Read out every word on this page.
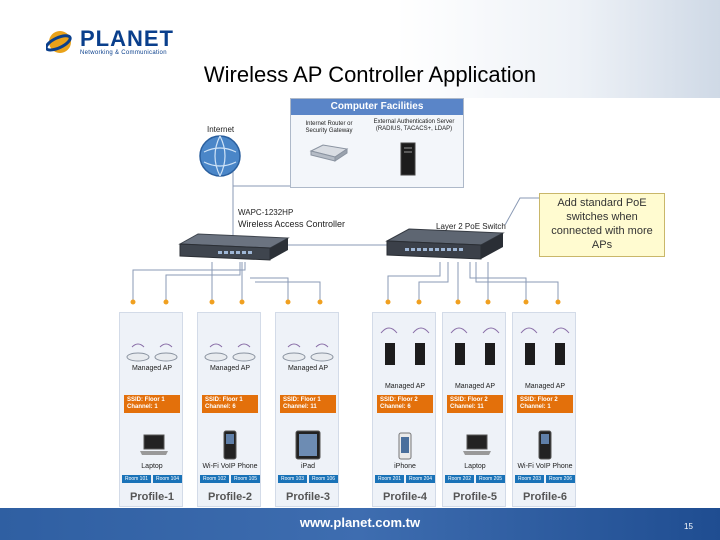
PLANET
Networking & Communication
Wireless AP Controller Application
Internet
Computer Facilities
Internet Router or Security Gateway
External Authentication Server (RADIUS, TACACS+, LDAP)
WAPC-1232HP
Wireless Access Controller	Layer 2 PoE Switch
Add standard PoE switches when connected with more APs
Managed AP
SSID: Floor 1
Channel: 1
Laptop
Room 101	Room 104
Profile-1
Managed AP
SSID: Floor 1
Channel: 6
Wi-Fi VoIP Phone
Room 102	Room 105
Profile-2
Managed AP
SSID: Floor 1
Channel: 11
iPad
Room 103	Room 106
Profile-3
Managed AP
SSID: Floor 2
Channel: 6
iPhone
Room 201	Room 204
Profile-4
Managed AP
SSID: Floor 2
Channel: 11
Laptop
Room 202	Room 205
Profile-5
Managed AP
SSID: Floor 2
Channel: 1
Wi-Fi VoIP Phone
Room 203	Room 206
Profile-6
www.planet.com.tw	15
